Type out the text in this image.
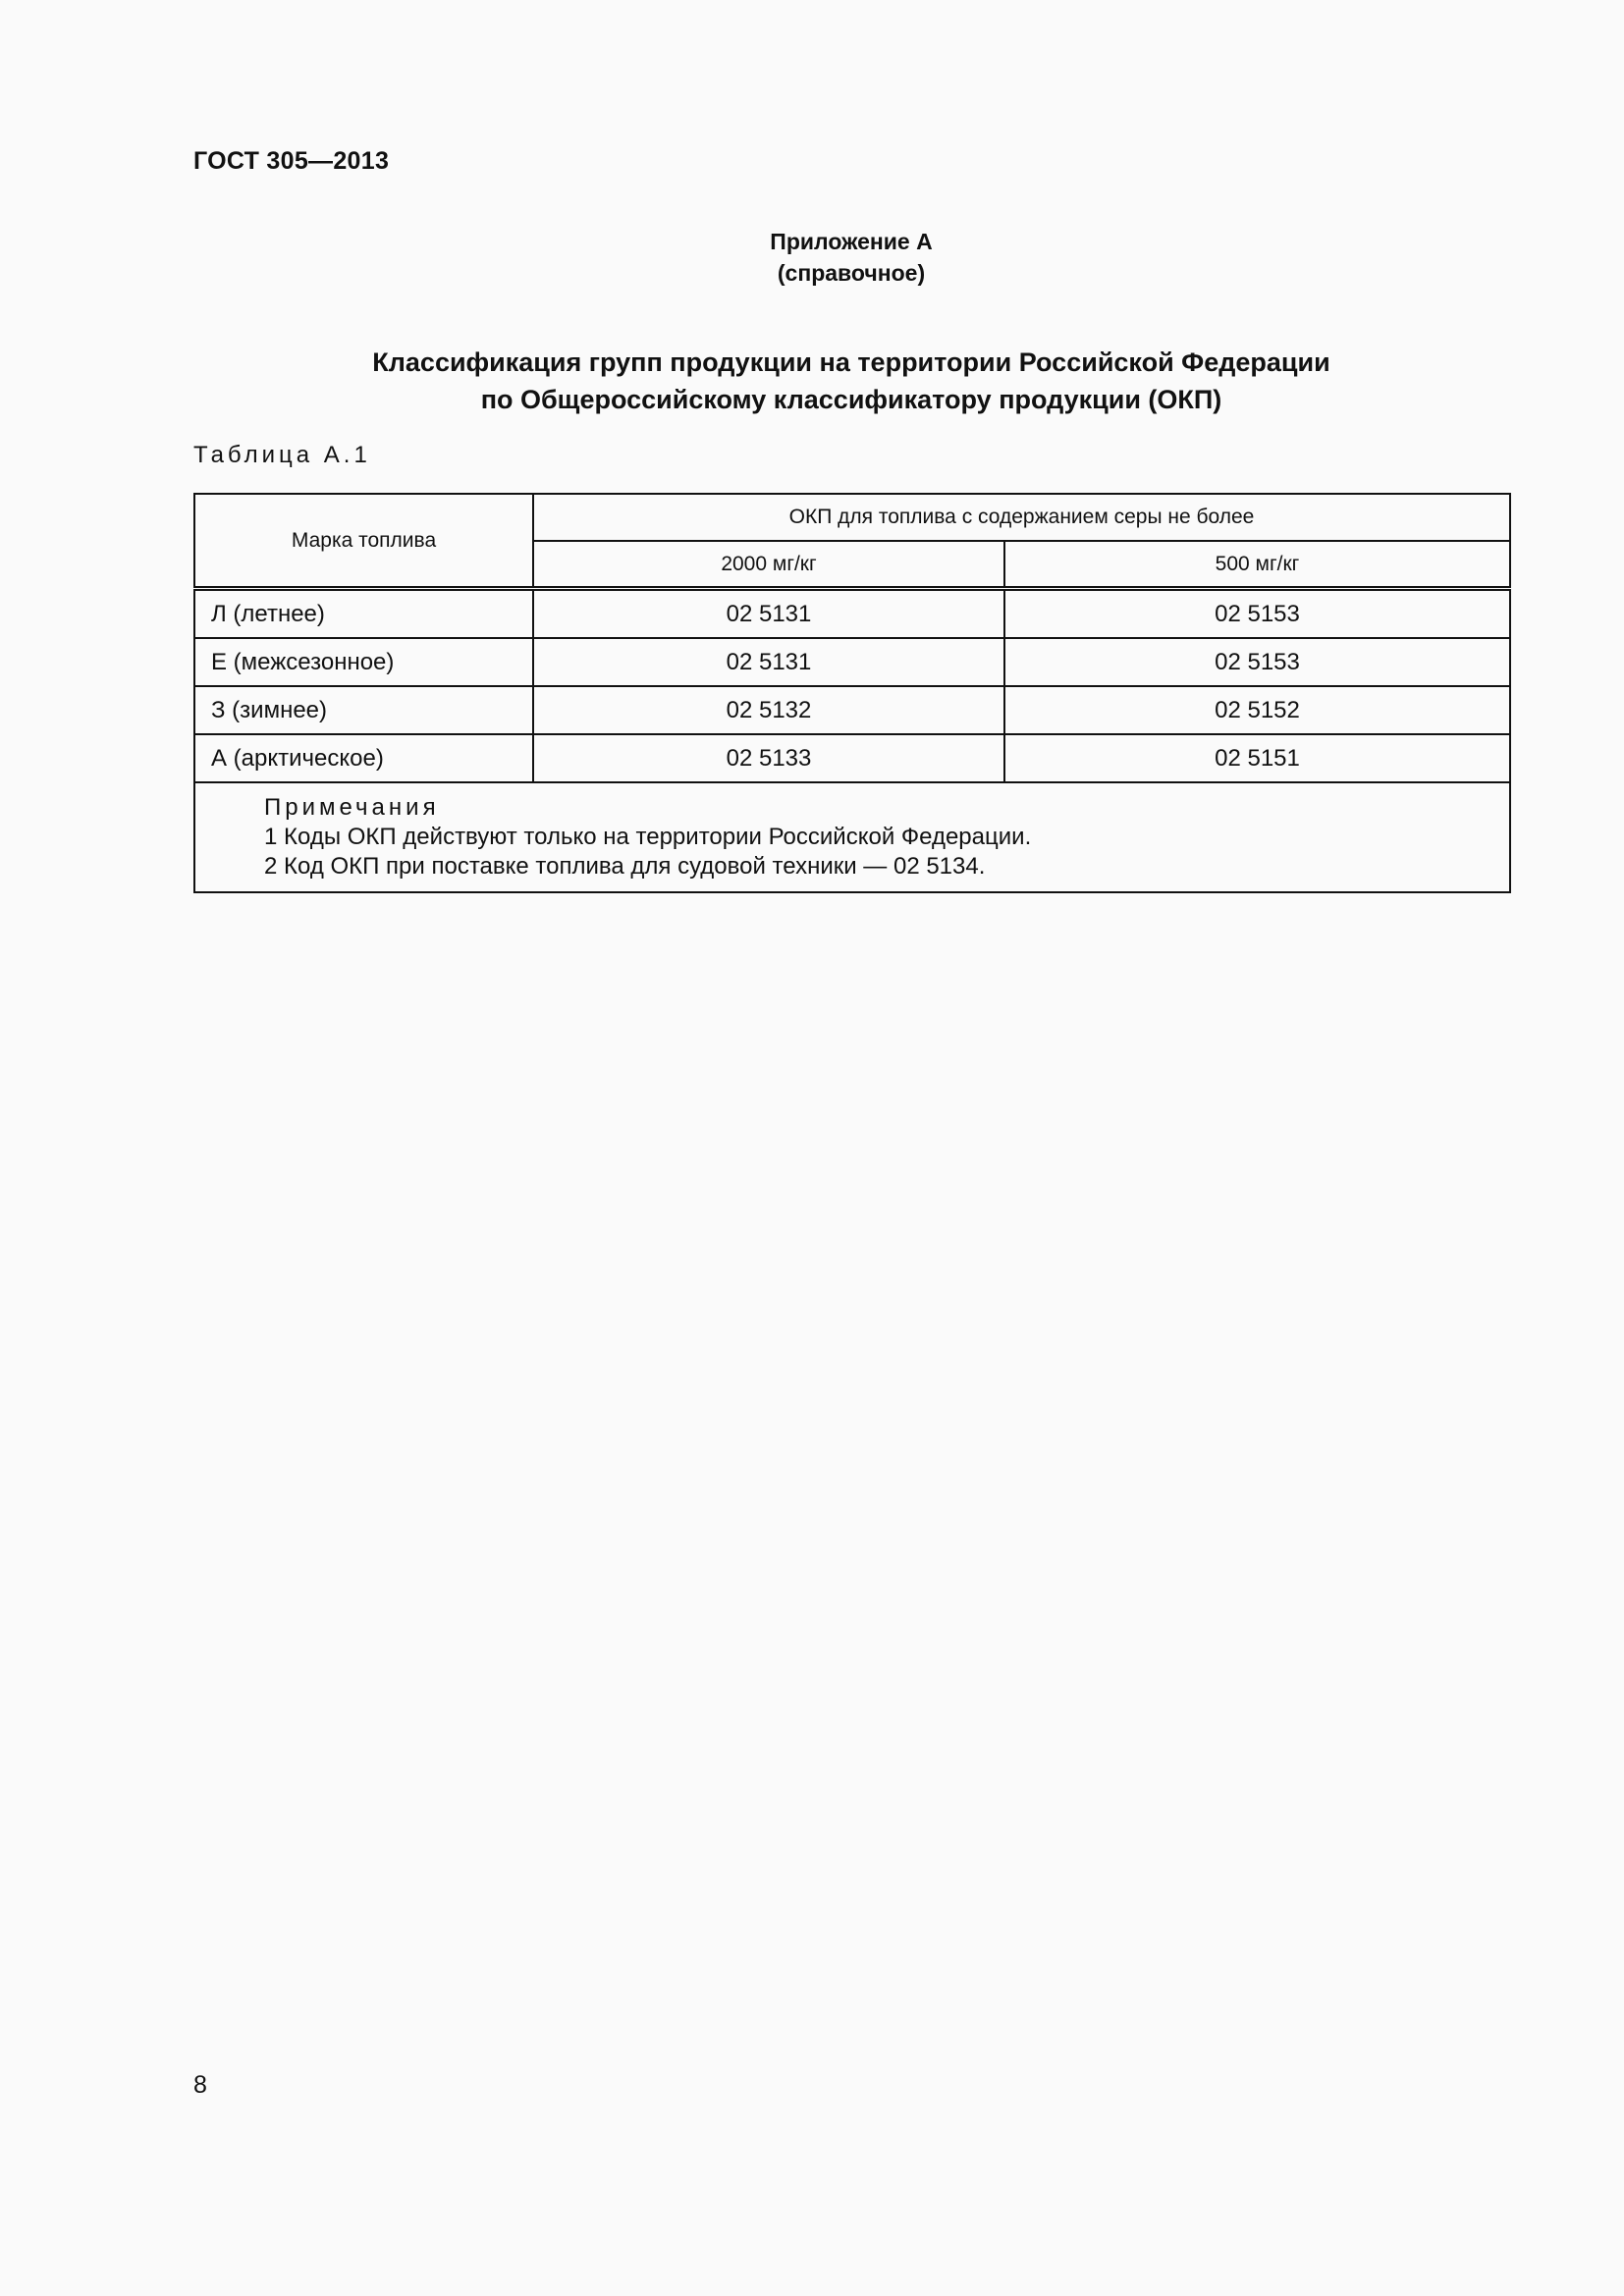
ГОСТ 305—2013
Приложение А
(справочное)
Классификация групп продукции на территории Российской Федерации
по Общероссийскому классификатору продукции (ОКП)
Таблица А.1
Марка топлива	ОКП для топлива с содержанием серы не более	
	2000 мг/кг	500 мг/кг
Л (летнее)	02 5131	02 5153
Е (межсезонное)	02 5131	02 5153
З (зимнее)	02 5132	02 5152
А (арктическое)	02 5133	02 5151

Примечания
1 Коды ОКП действуют только на территории Российской Федерации.
2 Код ОКП при поставке топлива для судовой техники — 02 5134.		
8
